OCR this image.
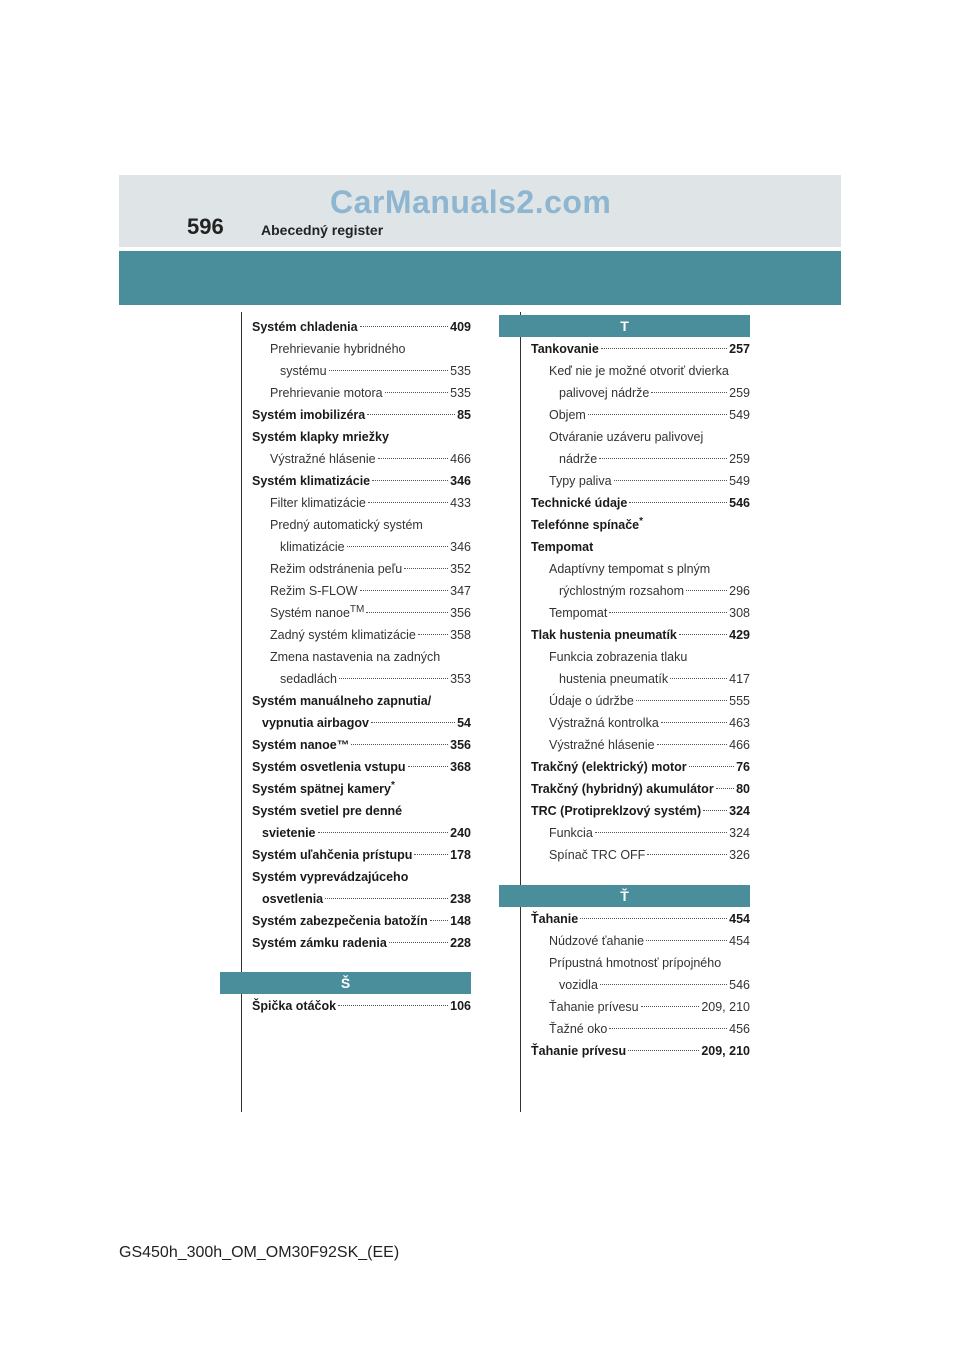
CarManuals2.com
596	Abecedný register
Systém chladenia	409
Prehrievanie hybridného
systému	535
Prehrievanie motora	535
Systém imobilizéra	85
Systém klapky mriežky
Výstražné hlásenie	466
Systém klimatizácie	346
Filter klimatizácie	433
Predný automatický systém
klimatizácie	346
Režim odstránenia peľu	352
Režim S-FLOW	347
Systém nanoe™	356
Zadný systém klimatizácie	358
Zmena nastavenia na zadných
sedadlách	353
Systém manuálneho zapnutia/
vypnutia airbagov	54
Systém nanoe™	356
Systém osvetlenia vstupu	368
Systém spätnej kamery*
Systém svetiel pre denné
svietenie	240
Systém uľahčenia prístupu	178
Systém vyprevádzajúceho
osvetlenia	238
Systém zabezpečenia batožín 148
Systém zámku radenia	228
Š
Špička otáčok	106
T
Tankovanie	257
Keď nie je možné otvoriť dvierka
palivovej nádrže	259
Objem	549
Otváranie uzáveru palivovej
nádrže	259
Typy paliva	549
Technické údaje	546
Telefónne spínače*
Tempomat
Adaptívny tempomat s plným
rýchlostným rozsahom	296
Tempomat	308
Tlak hustenia pneumatík	429
Funkcia zobrazenia tlaku
hustenia pneumatík	417
Údaje o údržbe	555
Výstražná kontrolka	463
Výstražné hlásenie	466
Trakčný (elektrický) motor	76
Trakčný (hybridný) akumulátor 80
TRC (Protipreklzový systém) 324
Funkcia	324
Spínač TRC OFF	326
Ť
Ťahanie	454
Núdzové ťahanie	454
Prípustná hmotnosť prípojného
vozidla	546
Ťahanie prívesu	209, 210
Ťažné oko	456
Ťahanie prívesu	209, 210
GS450h_300h_OM_OM30F92SK_(EE)
